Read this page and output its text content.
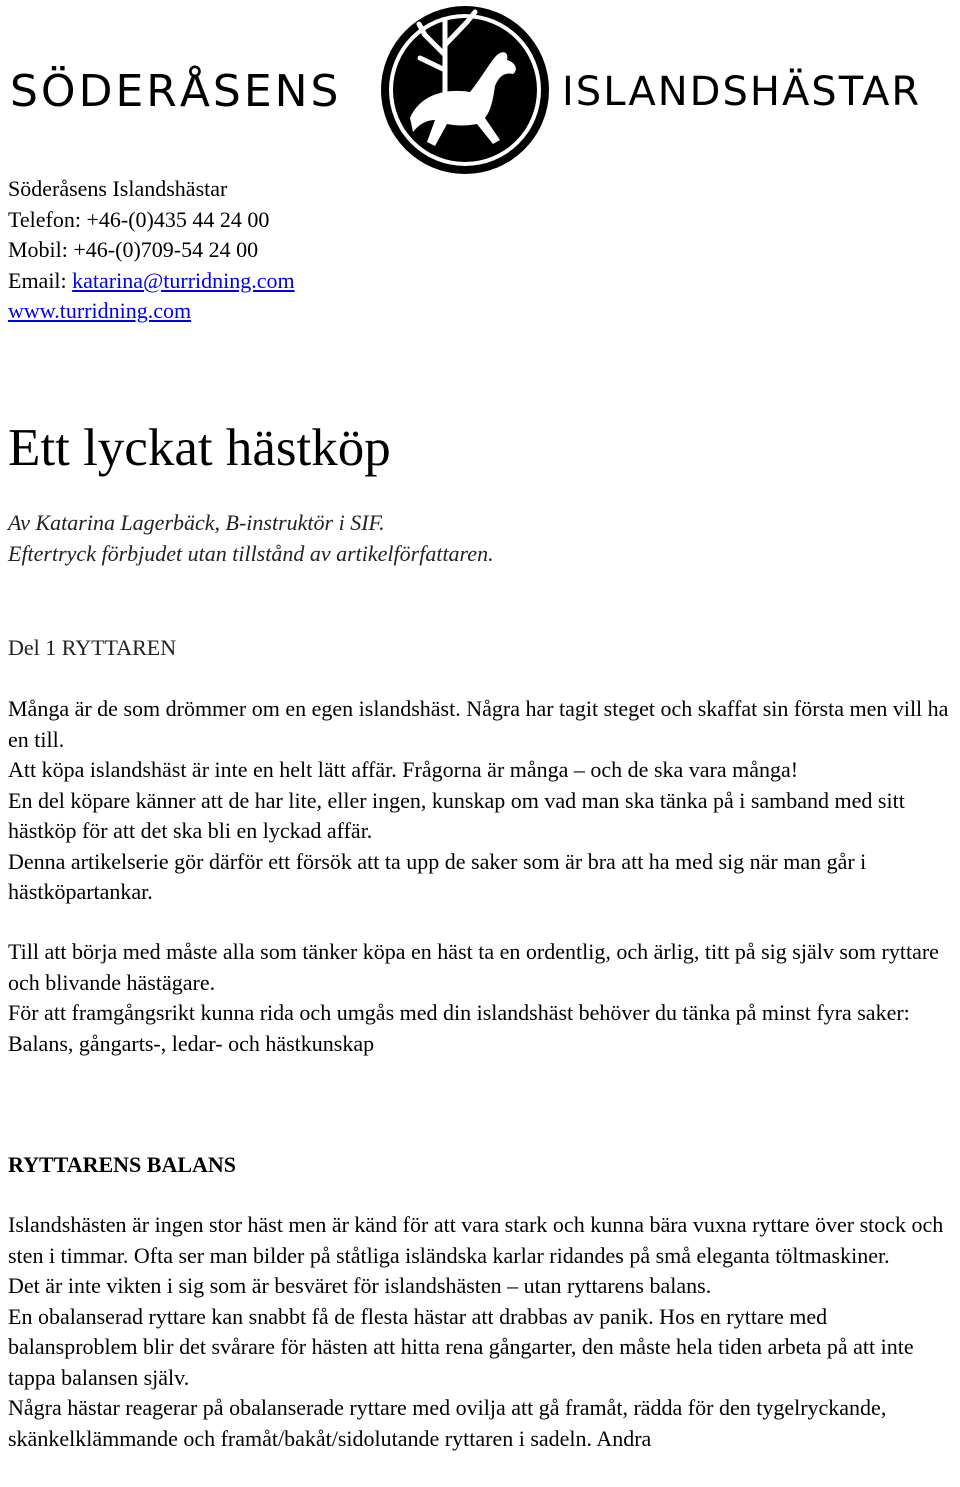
SÖDERÅSENS	ISLANDSHÄSTAR
Söderåsens Islandshästar
Telefon: +46-(0)435 44 24 00
Mobil: +46-(0)709-54 24 00
Email: katarina@turridning.com
www.turridning.com
Ett lyckat hästköp
Av Katarina Lagerbäck, B-instruktör i SIF.
Eftertryck förbjudet utan tillstånd av artikelförfattaren.
Del 1 RYTTAREN

Många är de som drömmer om en egen islandshäst. Några har tagit steget och skaffat sin första men vill ha en till.

Att köpa islandshäst är inte en helt lätt affär. Frågorna är många – och de ska vara många!

En del köpare känner att de har lite, eller ingen, kunskap om vad man ska tänka på i samband med sitt hästköp för att det ska bli en lyckad affär.

Denna artikelserie gör därför ett försök att ta upp de saker som är bra att ha med sig när man går i hästköpartankar.

Till att börja med måste alla som tänker köpa en häst ta en ordentlig, och ärlig, titt på sig själv som ryttare och blivande hästägare.

För att framgångsrikt kunna rida och umgås med din islandshäst behöver du tänka på minst fyra saker: Balans, gångarts-, ledar- och hästkunskap

RYTTARENS BALANS

Islandshästen är ingen stor häst men är känd för att vara stark och kunna bära vuxna ryttare över stock och sten i timmar. Ofta ser man bilder på ståtliga isländska karlar ridandes på små eleganta töltmaskiner.

Det är inte vikten i sig som är besväret för islandshästen – utan ryttarens balans.

En obalanserad ryttare kan snabbt få de flesta hästar att drabbas av panik. Hos en ryttare med balansproblem blir det svårare för hästen att hitta rena gångarter, den måste hela tiden arbeta på att inte tappa balansen själv.

Några hästar reagerar på obalanserade ryttare med ovilja att gå framåt, rädda för den tygelryckande, skänkelklämmande och framåt/bakåt/sidolutande ryttaren i sadeln. Andra
